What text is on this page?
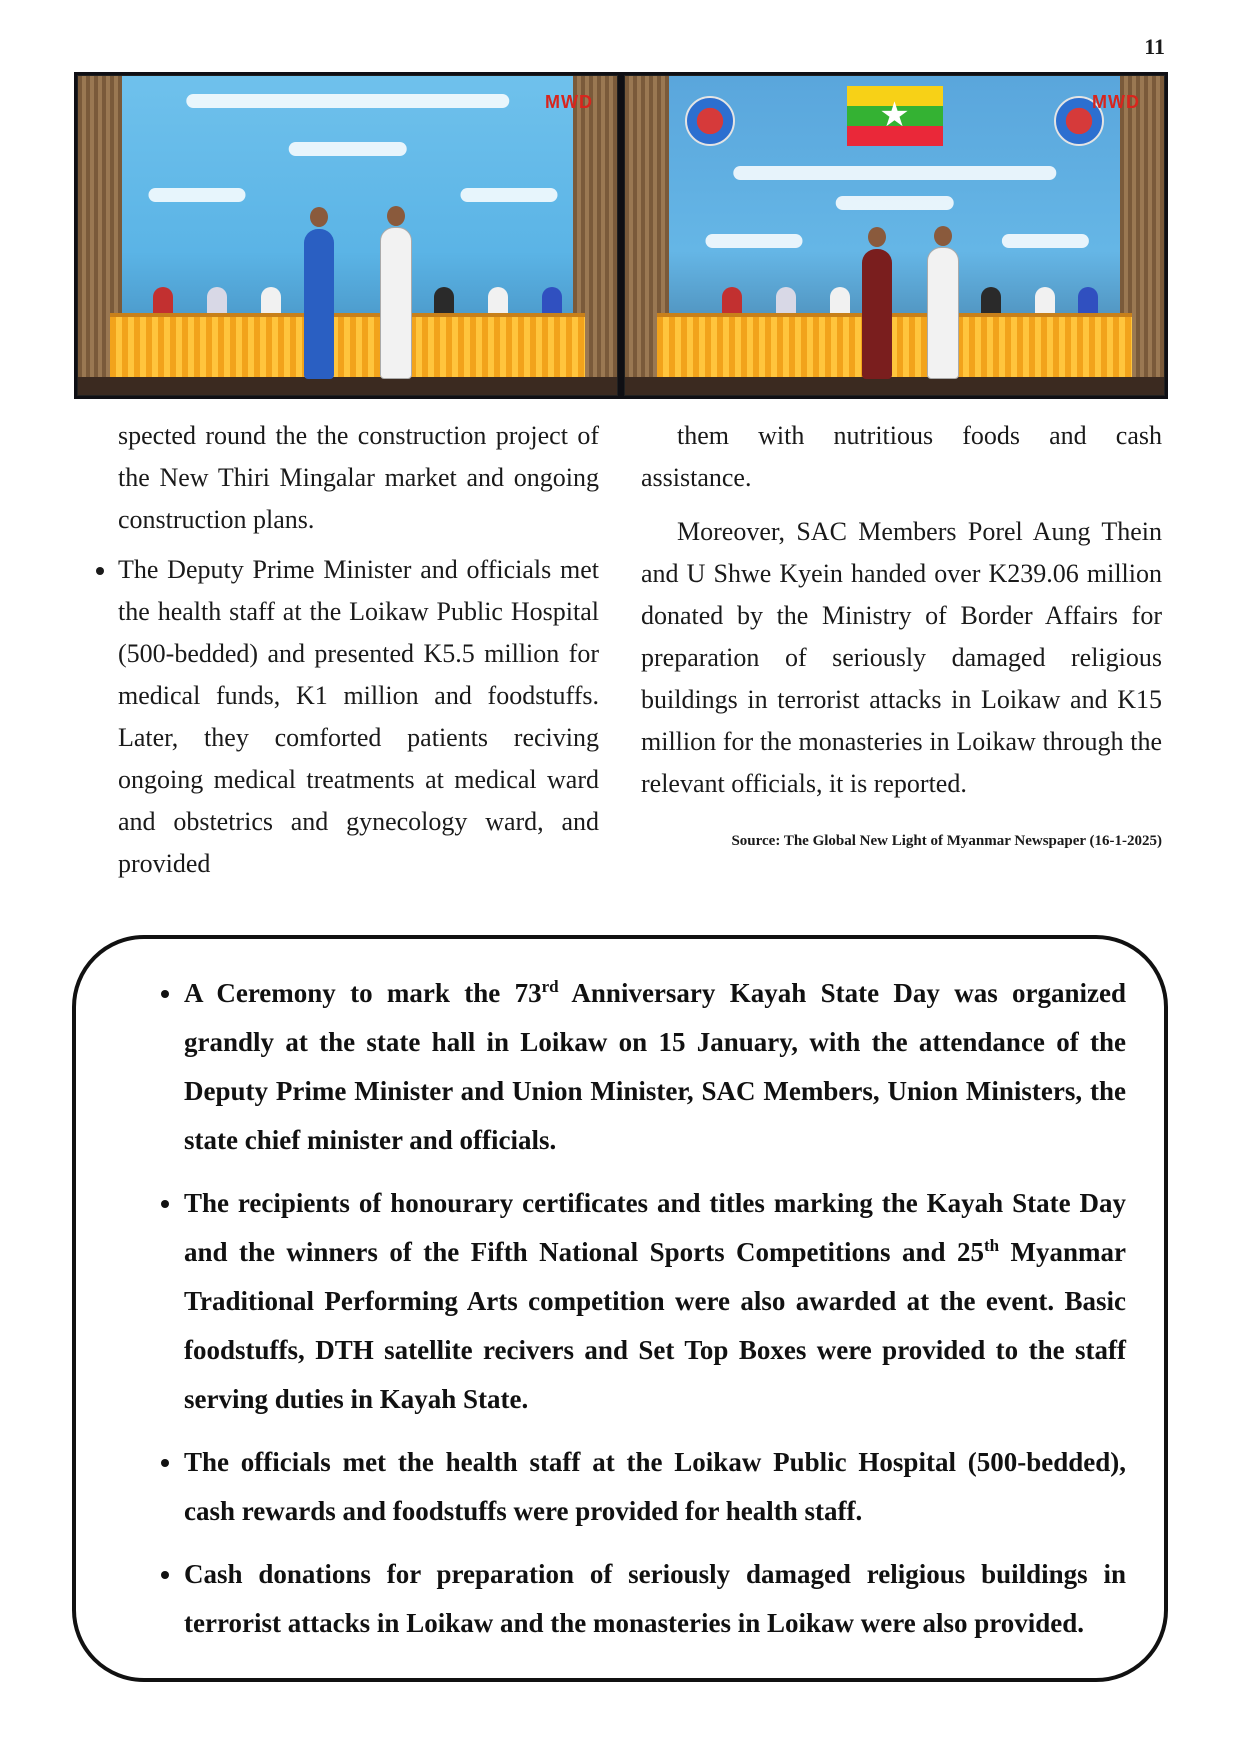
11
MWD	★	MWD

spected round the the construction project of the New Thiri Mingalar market and ongoing construction plans.

• The Deputy Prime Minister and officials met the health staff at the Loikaw Public Hospital (500-bedded) and presented K5.5 million for medical funds, K1 million and foodstuffs. Later, they comforted patients reciving ongoing medical treatments at medical ward and obstetrics and gynecology ward, and provided

them with nutritious foods and cash assistance.

Moreover, SAC Members Porel Aung Thein and U Shwe Kyein handed over K239.06 million donated by the Ministry of Border Affairs for preparation of seriously damaged religious buildings in terrorist attacks in Loikaw and K15 million for the monasteries in Loikaw through the relevant officials, it is reported.

Source: The Global New Light of Myanmar Newspaper (16-1-2025)
• A Ceremony to mark the 73rd Anniversary Kayah State Day was organized grandly at the state hall in Loikaw on 15 January, with the attendance of the Deputy Prime Minister and Union Minister, SAC Members, Union Ministers, the state chief minister and officials.
• The recipients of honourary certificates and titles marking the Kayah State Day and the winners of the Fifth National Sports Competitions and 25th Myanmar Traditional Performing Arts competition were also awarded at the event. Basic foodstuffs, DTH satellite recivers and Set Top Boxes were provided to the staff serving duties in Kayah State.
• The officials met the health staff at the Loikaw Public Hospital (500-bedded), cash rewards and foodstuffs were provided for health staff.
• Cash donations for preparation of seriously damaged religious buildings in terrorist attacks in Loikaw and the monasteries in Loikaw were also provided.
